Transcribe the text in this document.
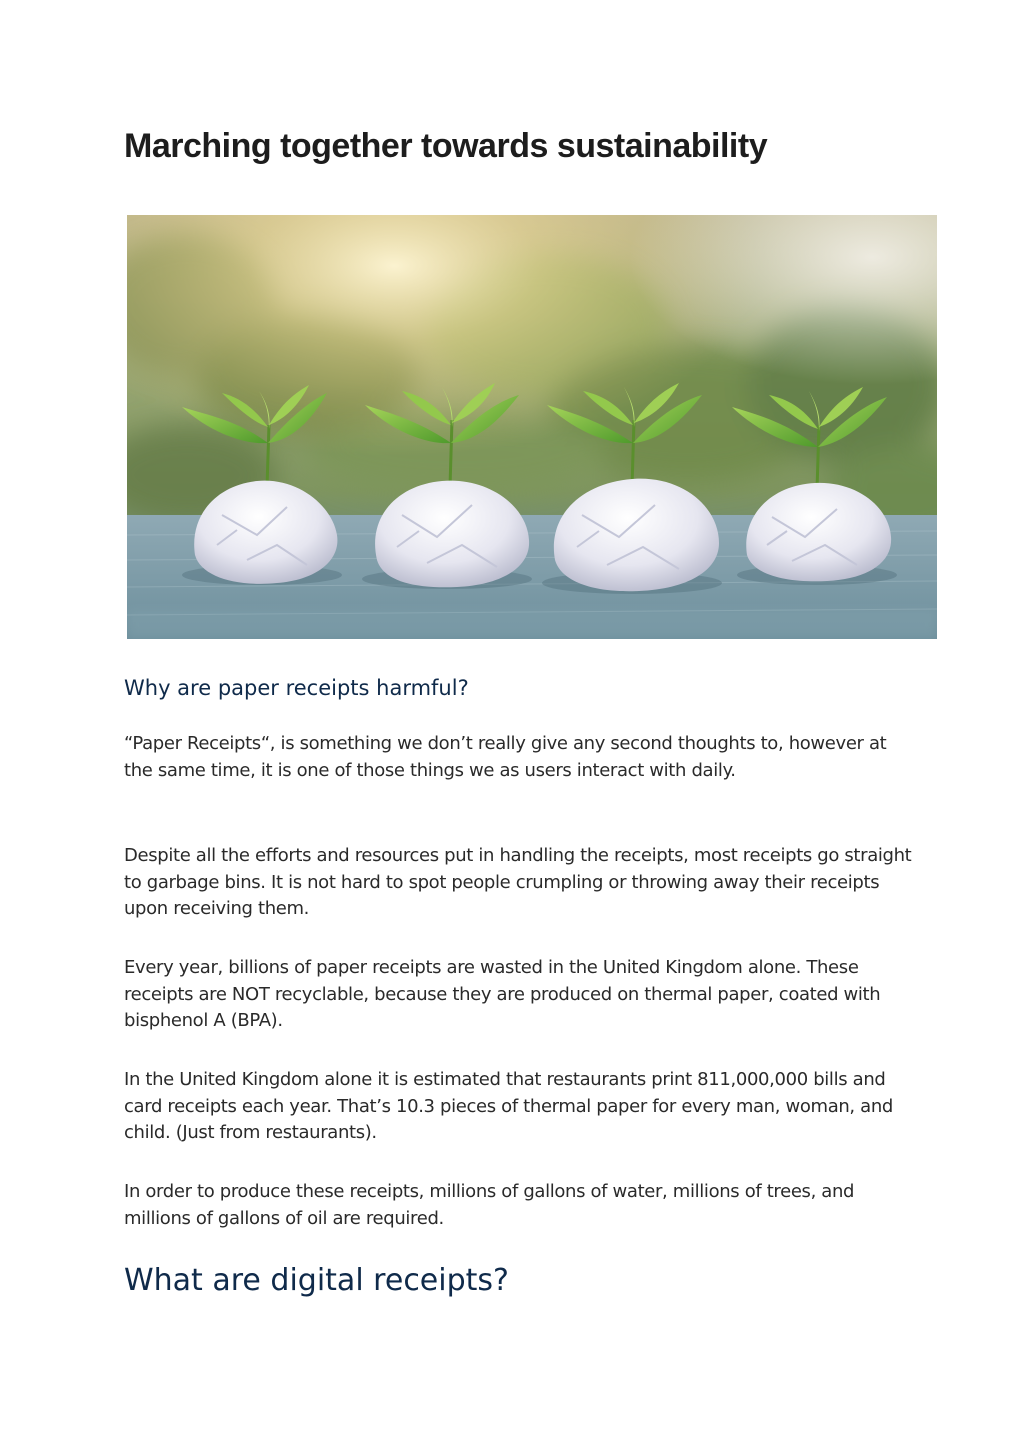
Marching together towards sustainability
Why are paper receipts harmful?

“Paper Receipts“, is something we don’t really give any second thoughts to, however at the same time, it is one of those things we as users interact with daily.

Despite all the efforts and resources put in handling the receipts, most receipts go straight to garbage bins. It is not hard to spot people crumpling or throwing away their receipts upon receiving them.

Every year, billions of paper receipts are wasted in the United Kingdom alone. These receipts are NOT recyclable, because they are produced on thermal paper, coated with bisphenol A (BPA).

In the United Kingdom alone it is estimated that restaurants print 811,000,000 bills and card receipts each year. That’s 10.3 pieces of thermal paper for every man, woman, and child. (Just from restaurants).

In order to produce these receipts, millions of gallons of water, millions of trees, and millions of gallons of oil are required.

What are digital receipts?
